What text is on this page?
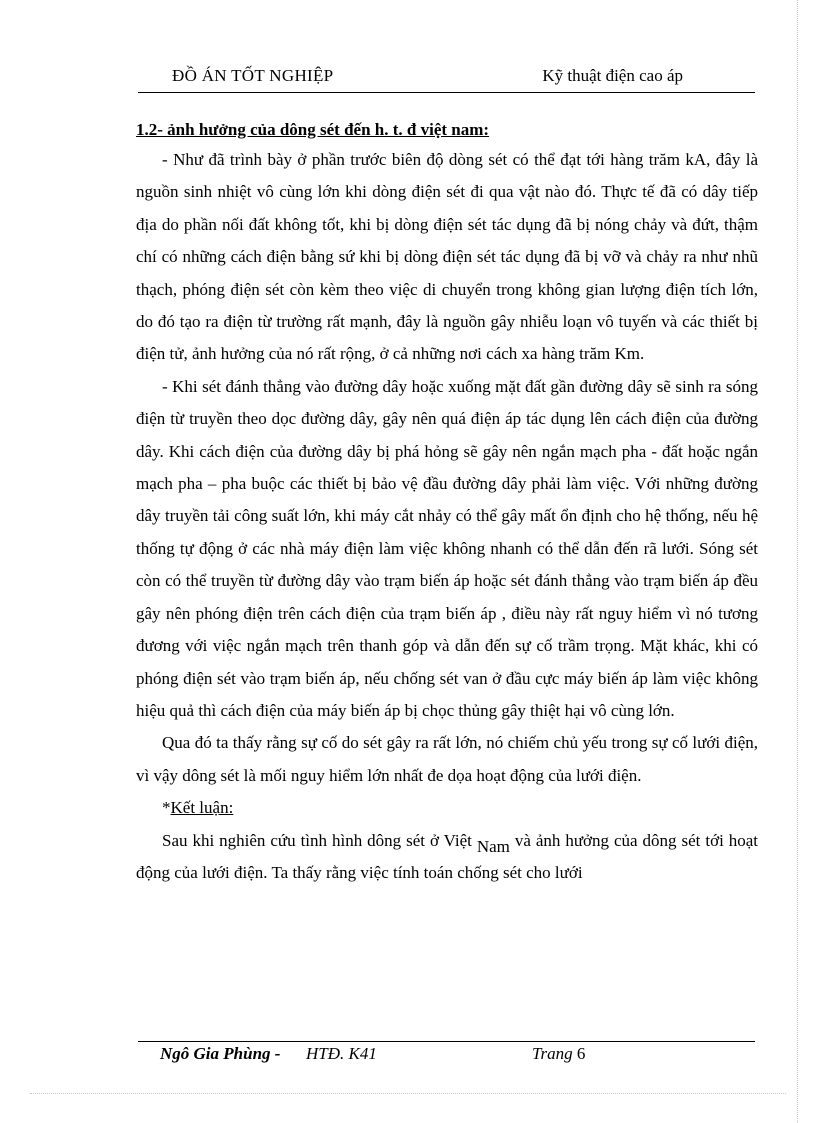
ĐỒ ÁN TỐT NGHIỆP	Kỹ thuật điện cao áp

1.2- ảnh hưởng của dông sét đến h. t. đ việt nam:

- Như đã trình bày ở phần trước biên độ dòng sét có thể đạt tới hàng trăm kA, đây là nguồn sinh nhiệt vô cùng lớn khi dòng điện sét đi qua vật nào đó. Thực tế đã có dây tiếp địa do phần nối đất không tốt, khi bị dòng điện sét tác dụng đã bị nóng chảy và đứt, thậm chí có những cách điện bằng sứ khi bị dòng điện sét tác dụng đã bị vỡ và chảy ra như nhũ thạch, phóng điện sét còn kèm theo việc di chuyển trong không gian lượng điện tích lớn, do đó tạo ra điện từ trường rất mạnh, đây là nguồn gây nhiễu loạn vô tuyến và các thiết bị điện tử, ảnh hưởng của nó rất rộng, ở cả những nơi cách xa hàng trăm Km.

- Khi sét đánh thẳng vào đường dây hoặc xuống mặt đất gần đường dây sẽ sinh ra sóng điện từ truyền theo dọc đường dây, gây nên quá điện áp tác dụng lên cách điện của đường dây. Khi cách điện của đường dây bị phá hỏng sẽ gây nên ngắn mạch pha - đất hoặc ngắn mạch pha – pha buộc các thiết bị bảo vệ đầu đường dây phải làm việc. Với những đường dây truyền tải công suất lớn, khi máy cắt nhảy có thể gây mất ổn định cho hệ thống, nếu hệ thống tự động ở các nhà máy điện làm việc không nhanh có thể dẫn đến rã lưới. Sóng sét còn có thể truyền từ đường dây vào trạm biến áp hoặc sét đánh thẳng vào trạm biến áp đều gây nên phóng điện trên cách điện của trạm biến áp , điều này rất nguy hiểm vì nó tương đương với việc ngắn mạch trên thanh góp và dẫn đến sự cố trầm trọng. Mặt khác, khi có phóng điện sét vào trạm biến áp, nếu chống sét van ở đầu cực máy biến áp làm việc không hiệu quả thì cách điện của máy biến áp bị chọc thủng gây thiệt hại vô cùng lớn.

Qua đó ta thấy rằng sự cố do sét gây ra rất lớn, nó chiếm chủ yếu trong sự cố lưới điện, vì vậy dông sét là mối nguy hiểm lớn nhất đe dọa hoạt động của lưới điện.

*Kết luận:

Sau khi nghiên cứu tình hình dông sét ở Việt Nam và ảnh hưởng của dông sét tới hoạt động của lưới điện. Ta thấy rằng việc tính toán chống sét cho lưới

Ngô Gia Phùng - HTĐ. K41	Trang 6
